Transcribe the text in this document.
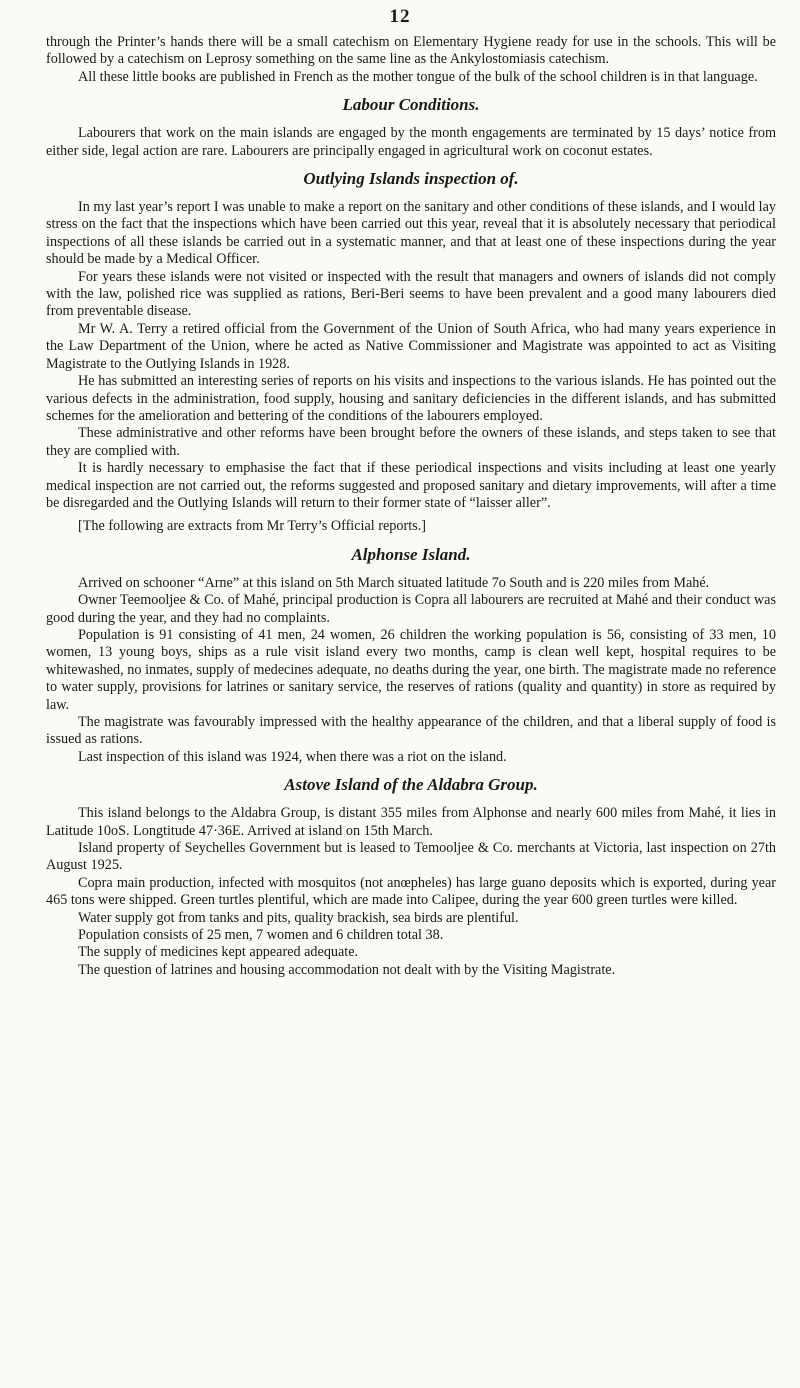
12

through the Printer’s hands there will be a small catechism on Elementary Hygiene ready for use in the schools. This will be followed by a catechism on Leprosy something on the same line as the Ankylostomiasis catechism.

All these little books are published in French as the mother tongue of the bulk of the school children is in that language.

Labour Conditions.

Labourers that work on the main islands are engaged by the month engagements are terminated by 15 days’ notice from either side, legal action are rare. Labourers are principally engaged in agricultural work on coconut estates.

Outlying Islands inspection of.

In my last year’s report I was unable to make a report on the sanitary and other conditions of these islands, and I would lay stress on the fact that the inspections which have been carried out this year, reveal that it is absolutely necessary that periodical inspections of all these islands be carried out in a systematic manner, and that at least one of these inspections during the year should be made by a Medical Officer.

For years these islands were not visited or inspected with the result that managers and owners of islands did not comply with the law, polished rice was supplied as rations, Beri-Beri seems to have been prevalent and a good many labourers died from preventable disease.

Mr W. A. Terry a retired official from the Government of the Union of South Africa, who had many years experience in the Law Department of the Union, where he acted as Native Commissioner and Magistrate was appointed to act as Visiting Magistrate to the Outlying Islands in 1928.

He has submitted an interesting series of reports on his visits and inspections to the various islands. He has pointed out the various defects in the administration, food supply, housing and sanitary deficiencies in the different islands, and has submitted schemes for the amelioration and bettering of the conditions of the labourers employed.

These administrative and other reforms have been brought before the owners of these islands, and steps taken to see that they are complied with.

It is hardly necessary to emphasise the fact that if these periodical inspections and visits including at least one yearly medical inspection are not carried out, the reforms suggested and proposed sanitary and dietary improvements, will after a time be disregarded and the Outlying Islands will return to their former state of “laisser aller”.

[The following are extracts from Mr Terry’s Official reports.]

Alphonse Island.

Arrived on schooner “Arne” at this island on 5th March situated latitude 7o South and is 220 miles from Mahé.

Owner Teemooljee & Co. of Mahé, principal production is Copra all labourers are recruited at Mahé and their conduct was good during the year, and they had no complaints.

Population is 91 consisting of 41 men, 24 women, 26 children the working population is 56, consisting of 33 men, 10 women, 13 young boys, ships as a rule visit island every two months, camp is clean well kept, hospital requires to be whitewashed, no inmates, supply of medecines adequate, no deaths during the year, one birth. The magistrate made no reference to water supply, provisions for latrines or sanitary service, the reserves of rations (quality and quantity) in store as required by law.

The magistrate was favourably impressed with the healthy appearance of the children, and that a liberal supply of food is issued as rations.

Last inspection of this island was 1924, when there was a riot on the island.

Astove Island of the Aldabra Group.

This island belongs to the Aldabra Group, is distant 355 miles from Alphonse and nearly 600 miles from Mahé, it lies in Latitude 10oS. Longtitude 47·36E. Arrived at island on 15th March.

Island property of Seychelles Government but is leased to Temooljee & Co. merchants at Victoria, last inspection on 27th August 1925.

Copra main production, infected with mosquitos (not anœpheles) has large guano deposits which is exported, during year 465 tons were shipped. Green turtles plentiful, which are made into Calipee, during the year 600 green turtles were killed.

Water supply got from tanks and pits, quality brackish, sea birds are plentiful.

Population consists of 25 men, 7 women and 6 children total 38.

The supply of medicines kept appeared adequate.

The question of latrines and housing accommodation not dealt with by the Visiting Magistrate.
